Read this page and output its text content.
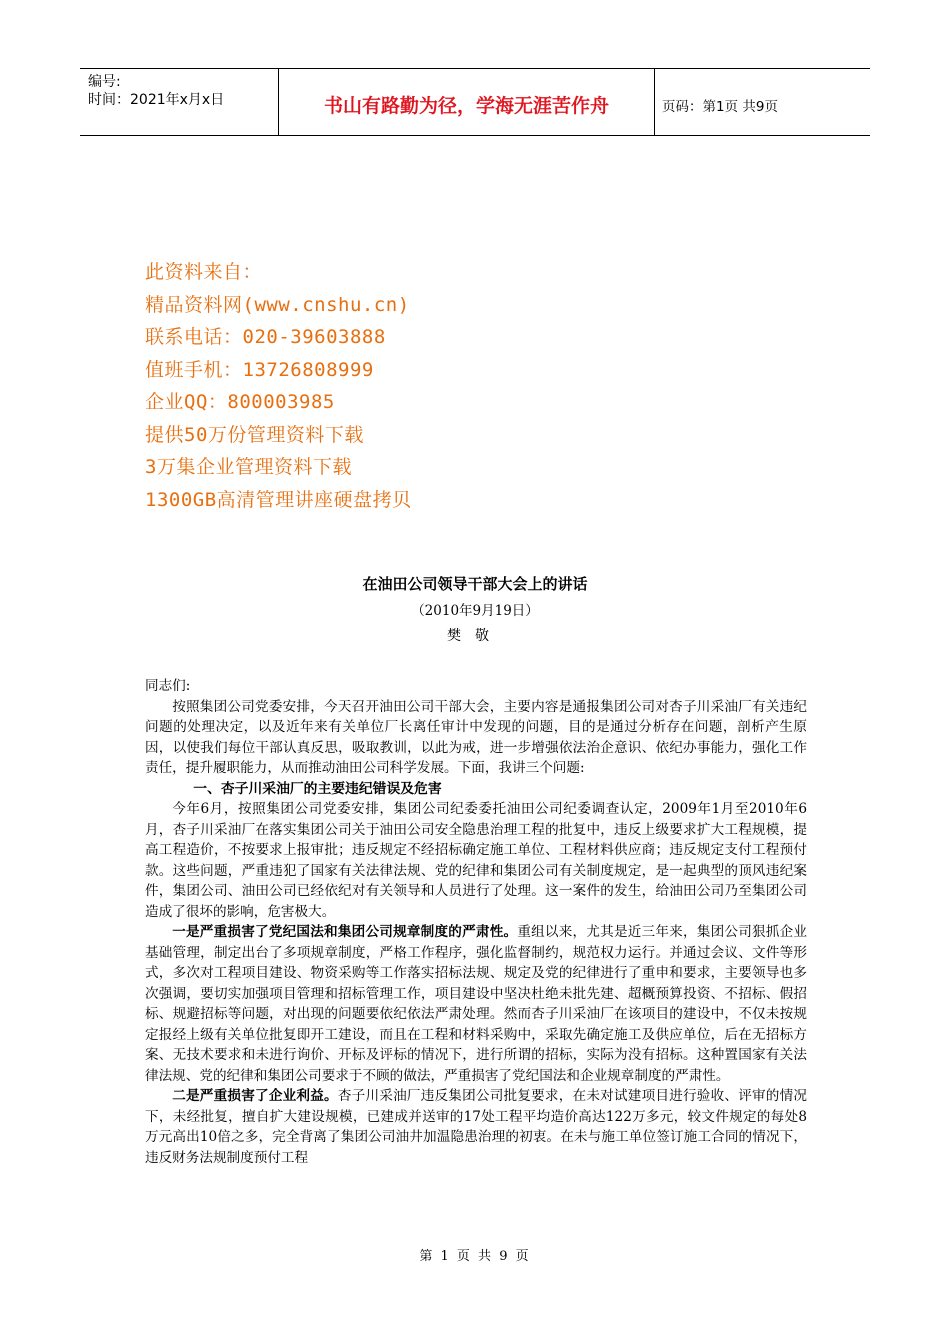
编号:
时间：2021年x月x日	书山有路勤为径，学海无涯苦作舟	页码：第1页 共9页
此资料来自：
精品资料网(www.cnshu.cn)
联系电话：020-39603888
值班手机：13726808999
企业QQ：800003985
提供50万份管理资料下载
3万集企业管理资料下载
1300GB高清管理讲座硬盘拷贝
在油田公司领导干部大会上的讲话
（2010年9月19日）
樊敬
同志们:

按照集团公司党委安排，今天召开油田公司干部大会，主要内容是通报集团公司对杏子川采油厂有关违纪问题的处理决定，以及近年来有关单位厂长离任审计中发现的问题，目的是通过分析存在问题，剖析产生原因，以使我们每位干部认真反思，吸取教训，以此为戒，进一步增强依法治企意识、依纪办事能力，强化工作责任，提升履职能力，从而推动油田公司科学发展。下面，我讲三个问题:

一、杏子川采油厂的主要违纪错误及危害

今年6月，按照集团公司党委安排，集团公司纪委委托油田公司纪委调查认定，2009年1月至2010年6月，杏子川采油厂在落实集团公司关于油田公司安全隐患治理工程的批复中，违反上级要求扩大工程规模，提高工程造价，不按要求上报审批；违反规定不经招标确定施工单位、工程材料供应商；违反规定支付工程预付款。这些问题，严重违犯了国家有关法律法规、党的纪律和集团公司有关制度规定，是一起典型的顶风违纪案件，集团公司、油田公司已经依纪对有关领导和人员进行了处理。这一案件的发生，给油田公司乃至集团公司造成了很坏的影响，危害极大。

一是严重损害了党纪国法和集团公司规章制度的严肃性。重组以来，尤其是近三年来，集团公司狠抓企业基础管理，制定出台了多项规章制度，严格工作程序，强化监督制约，规范权力运行。并通过会议、文件等形式，多次对工程项目建设、物资采购等工作落实招标法规、规定及党的纪律进行了重申和要求，主要领导也多次强调，要切实加强项目管理和招标管理工作，项目建设中坚决杜绝未批先建、超概预算投资、不招标、假招标、规避招标等问题，对出现的问题要依纪依法严肃处理。然而杏子川采油厂在该项目的建设中，不仅未按规定报经上级有关单位批复即开工建设，而且在工程和材料采购中，采取先确定施工及供应单位，后在无招标方案、无技术要求和未进行询价、开标及评标的情况下，进行所谓的招标，实际为没有招标。这种置国家有关法律法规、党的纪律和集团公司要求于不顾的做法，严重损害了党纪国法和企业规章制度的严肃性。

二是严重损害了企业利益。杏子川采油厂违反集团公司批复要求，在未对试建项目进行验收、评审的情况下，未经批复，擅自扩大建设规模，已建成并送审的17处工程平均造价高达122万多元，较文件规定的每处8万元高出10倍之多，完全背离了集团公司油井加温隐患治理的初衷。在未与施工单位签订施工合同的情况下，违反财务法规制度预付工程

第 1 页 共 9 页
